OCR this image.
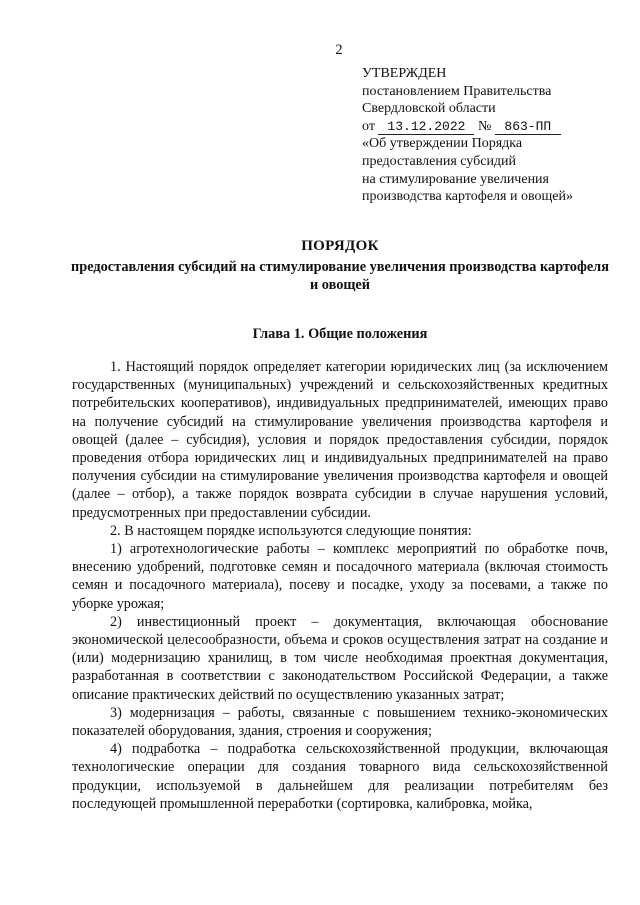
2
УТВЕРЖДЕН
постановлением Правительства
Свердловской области
от 13.12.2022 № 863-ПП
«Об утверждении Порядка
предоставления субсидий
на стимулирование увеличения
производства картофеля и овощей»
ПОРЯДОК
предоставления субсидий на стимулирование увеличения производства картофеля и овощей
Глава 1. Общие положения

1. Настоящий порядок определяет категории юридических лиц (за исключением государственных (муниципальных) учреждений и сельскохозяйственных кредитных потребительских кооперативов), индивидуальных предпринимателей, имеющих право на получение субсидий на стимулирование увеличения производства картофеля и овощей (далее – субсидия), условия и порядок предоставления субсидии, порядок проведения отбора юридических лиц и индивидуальных предпринимателей на право получения субсидии на стимулирование увеличения производства картофеля и овощей (далее – отбор), а также порядок возврата субсидии в случае нарушения условий, предусмотренных при предоставлении субсидии.

2. В настоящем порядке используются следующие понятия:

1) агротехнологические работы – комплекс мероприятий по обработке почв, внесению удобрений, подготовке семян и посадочного материала (включая стоимость семян и посадочного материала), посеву и посадке, уходу за посевами, а также по уборке урожая;

2) инвестиционный проект – документация, включающая обоснование экономической целесообразности, объема и сроков осуществления затрат на создание и (или) модернизацию хранилищ, в том числе необходимая проектная документация, разработанная в соответствии с законодательством Российской Федерации, а также описание практических действий по осуществлению указанных затрат;

3) модернизация – работы, связанные с повышением технико-экономических показателей оборудования, здания, строения и сооружения;

4) подработка – подработка сельскохозяйственной продукции, включающая технологические операции для создания товарного вида сельскохозяйственной продукции, используемой в дальнейшем для реализации потребителям без последующей промышленной переработки (сортировка, калибровка, мойка,
